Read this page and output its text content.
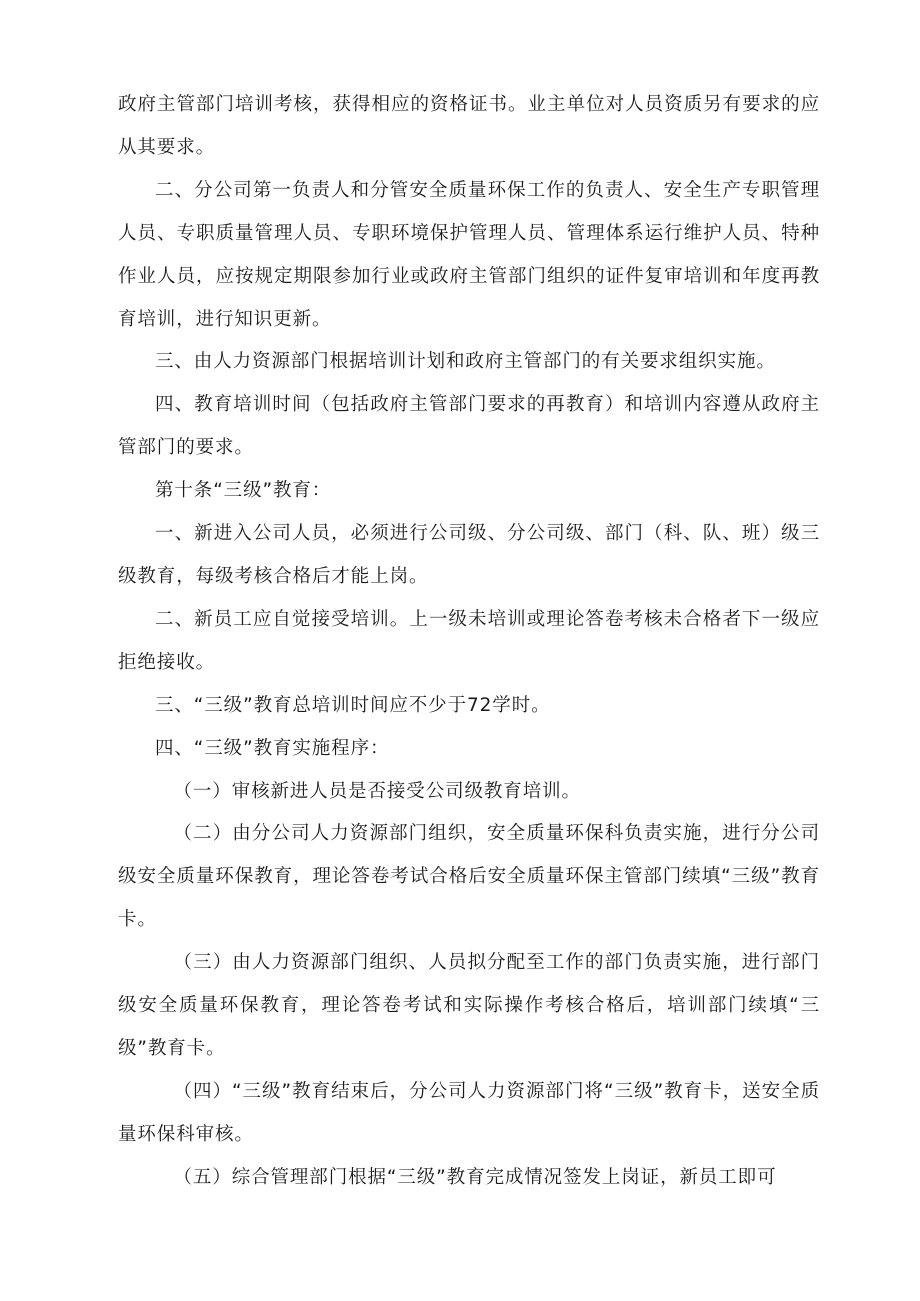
政府主管部门培训考核，获得相应的资格证书。业主单位对人员资质另有要求的应从其要求。

二、分公司第一负责人和分管安全质量环保工作的负责人、安全生产专职管理人员、专职质量管理人员、专职环境保护管理人员、管理体系运行维护人员、特种作业人员，应按规定期限参加行业或政府主管部门组织的证件复审培训和年度再教育培训，进行知识更新。

三、由人力资源部门根据培训计划和政府主管部门的有关要求组织实施。

四、教育培训时间（包括政府主管部门要求的再教育）和培训内容遵从政府主管部门的要求。

第十条“三级”教育：

一、新进入公司人员，必须进行公司级、分公司级、部门（科、队、班）级三级教育，每级考核合格后才能上岗。

二、新员工应自觉接受培训。上一级未培训或理论答卷考核未合格者下一级应拒绝接收。

三、“三级”教育总培训时间应不少于72学时。

四、“三级”教育实施程序：

（一）审核新进人员是否接受公司级教育培训。

（二）由分公司人力资源部门组织，安全质量环保科负责实施，进行分公司级安全质量环保教育，理论答卷考试合格后安全质量环保主管部门续填“三级”教育卡。

（三）由人力资源部门组织、人员拟分配至工作的部门负责实施，进行部门级安全质量环保教育，理论答卷考试和实际操作考核合格后，培训部门续填“三级”教育卡。

（四）“三级”教育结束后，分公司人力资源部门将“三级”教育卡，送安全质量环保科审核。

（五）综合管理部门根据“三级”教育完成情况签发上岗证，新员工即可
